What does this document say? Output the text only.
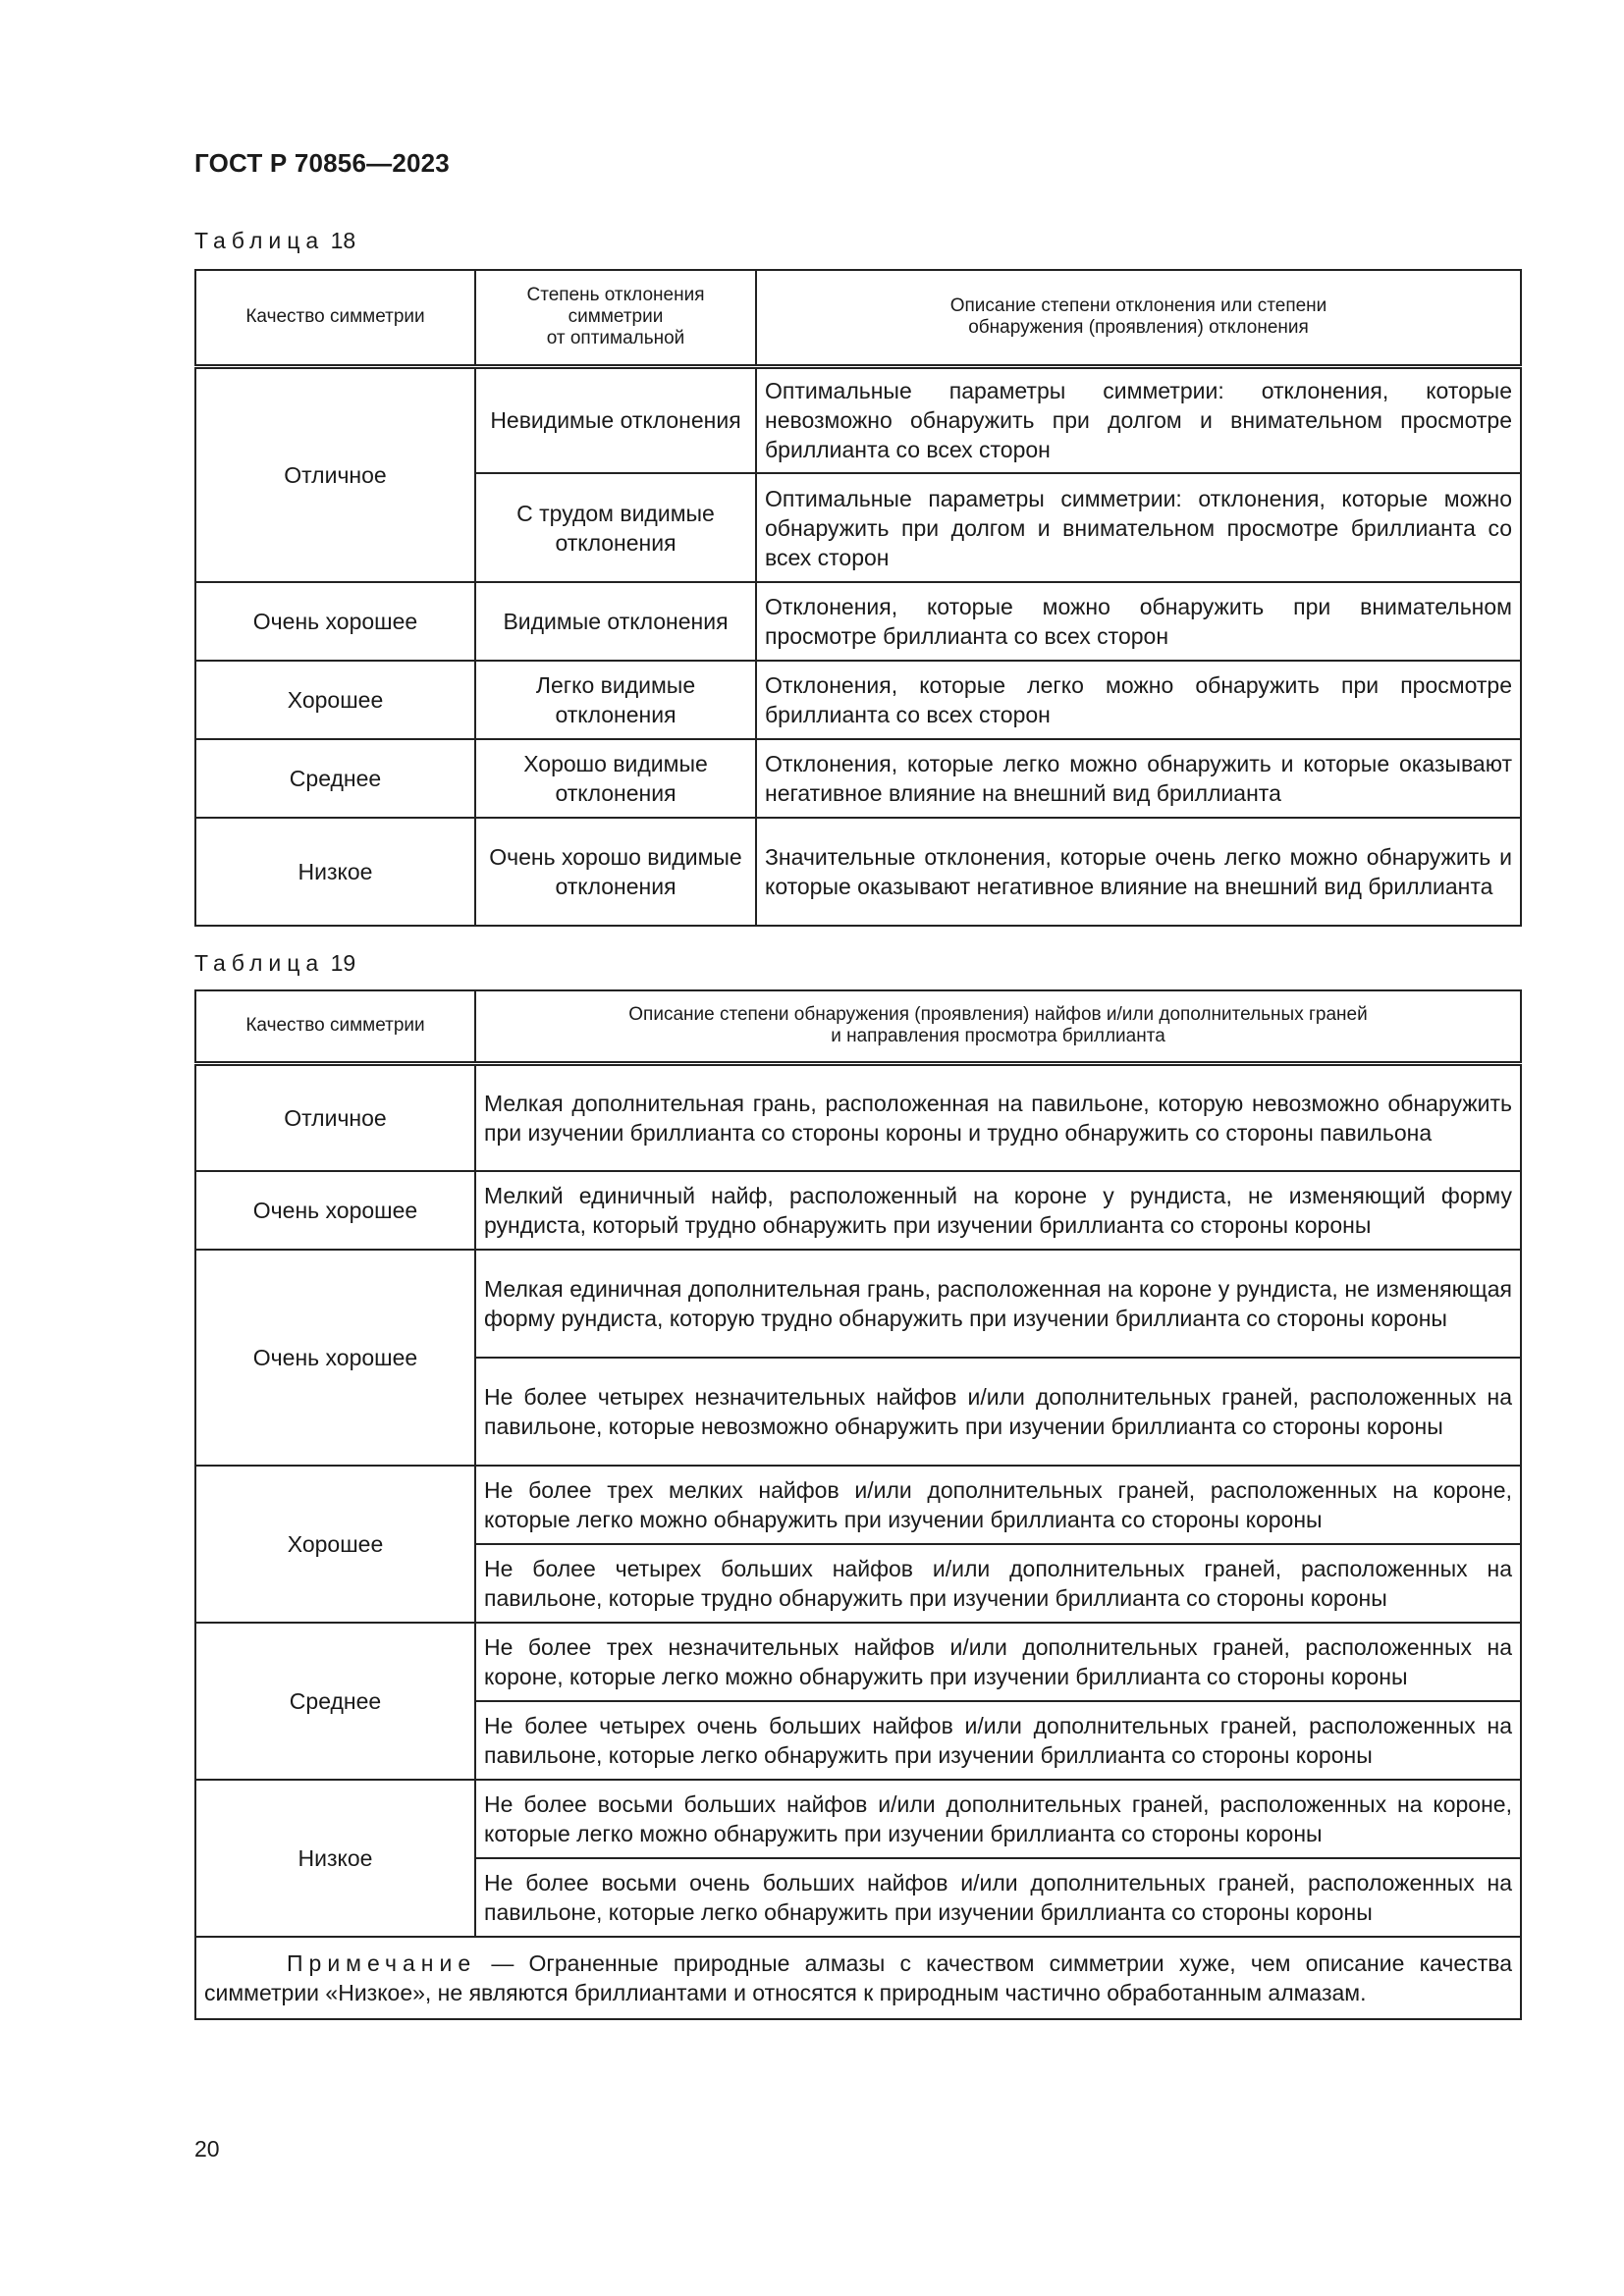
ГОСТ Р 70856—2023
Таблица 18
Качество симметрии	Степень отклонения
симметрии
от оптимальной	Описание степени отклонения или степени
обнаружения (проявления) отклонения
Отличное	Невидимые отклонения	Оптимальные параметры симметрии: отклонения, которые невозможно обнаружить при долгом и внимательном просмотре бриллианта со всех сторон
	С трудом видимые отклонения	Оптимальные параметры симметрии: отклонения, которые можно обнаружить при долгом и внимательном просмотре бриллианта со всех сторон
Очень хорошее	Видимые отклонения	Отклонения, которые можно обнаружить при внимательном просмотре бриллианта со всех сторон
Хорошее	Легко видимые отклонения	Отклонения, которые легко можно обнаружить при просмотре бриллианта со всех сторон
Среднее	Хорошо видимые отклонения	Отклонения, которые легко можно обнаружить и которые оказывают негативное влияние на внешний вид бриллианта
Низкое	Очень хорошо видимые отклонения	Значительные отклонения, которые очень легко можно обнаружить и которые оказывают негативное влияние на внешний вид бриллианта
Таблица 19
Качество симметрии	Описание степени обнаружения (проявления) найфов и/или дополнительных граней
и направления просмотра бриллианта
Отличное	Мелкая дополнительная грань, расположенная на павильоне, которую невозможно обнаружить при изучении бриллианта со стороны короны и трудно обнаружить со стороны павильона
Очень хорошее	Мелкий единичный найф, расположенный на короне у рундиста, не изменяющий форму рундиста, который трудно обнаружить при изучении бриллианта со стороны короны
Очень хорошее	Мелкая единичная дополнительная грань, расположенная на короне у рундиста, не изменяющая форму рундиста, которую трудно обнаружить при изучении бриллианта со стороны короны
	Не более четырех незначительных найфов и/или дополнительных граней, расположенных на павильоне, которые невозможно обнаружить при изучении бриллианта со стороны короны
Хорошее	Не более трех мелких найфов и/или дополнительных граней, расположенных на короне, которые легко можно обнаружить при изучении бриллианта со стороны короны
	Не более четырех больших найфов и/или дополнительных граней, расположенных на павильоне, которые трудно обнаружить при изучении бриллианта со стороны короны
Среднее	Не более трех незначительных найфов и/или дополнительных граней, расположенных на короне, которые легко можно обнаружить при изучении бриллианта со стороны короны
	Не более четырех очень больших найфов и/или дополнительных граней, расположенных на павильоне, которые легко обнаружить при изучении бриллианта со стороны короны
Низкое	Не более восьми больших найфов и/или дополнительных граней, расположенных на короне, которые легко можно обнаружить при изучении бриллианта со стороны короны
	Не более восьми очень больших найфов и/или дополнительных граней, расположенных на павильоне, которые легко обнаружить при изучении бриллианта со стороны короны
Примечание — Ограненные природные алмазы с качеством симметрии хуже, чем описание качества симметрии «Низкое», не являются бриллиантами и относятся к природным частично обработанным алмазам.	
20
